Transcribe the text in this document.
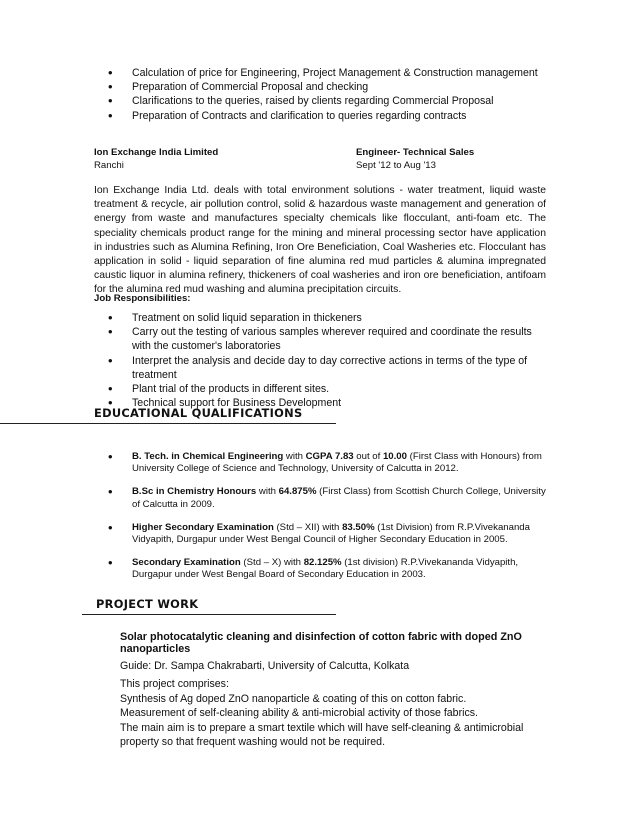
• Calculation of price for Engineering, Project Management & Construction management
• Preparation of Commercial Proposal and checking
• Clarifications to the queries, raised by clients regarding Commercial Proposal
• Preparation of Contracts and clarification to queries regarding contracts
Ion Exchange India Limited
Ranchi
Engineer- Technical Sales
Sept '12 to Aug '13
Ion Exchange India Ltd. deals with total environment solutions - water treatment, liquid waste treatment & recycle, air pollution control, solid & hazardous waste management and generation of energy from waste and manufactures specialty chemicals like flocculant, anti-foam etc. The speciality chemicals product range for the mining and mineral processing sector have application in industries such as Alumina Refining, Iron Ore Beneficiation, Coal Washeries etc. Flocculant has application in solid - liquid separation of fine alumina red mud particles & alumina impregnated caustic liquor in alumina refinery, thickeners of coal washeries and iron ore beneficiation, antifoam for the alumina red mud washing and alumina precipitation circuits.
Job Responsibilities:
• Treatment on solid liquid separation in thickeners
• Carry out the testing of various samples wherever required and coordinate the results with the customer's laboratories
• Interpret the analysis and decide day to day corrective actions in terms of the type of treatment
• Plant trial of the products in different sites.
• Technical support for Business Development
EDUCATIONAL QUALIFICATIONS
• B. Tech. in Chemical Engineering with CGPA 7.83 out of 10.00 (First Class with Honours) from University College of Science and Technology, University of Calcutta in 2012.
• B.Sc in Chemistry Honours with 64.875% (First Class) from Scottish Church College, University of Calcutta in 2009.
• Higher Secondary Examination (Std – XII) with 83.50% (1st Division) from R.P.Vivekananda Vidyapith, Durgapur under West Bengal Council of Higher Secondary Education in 2005.
• Secondary Examination (Std – X) with 82.125% (1st division) R.P.Vivekananda Vidyapith, Durgapur under West Bengal Board of Secondary Education in 2003.
PROJECT WORK
Solar photocatalytic cleaning and disinfection of cotton fabric with doped ZnO nanoparticles
Guide: Dr. Sampa Chakrabarti, University of Calcutta, Kolkata
This project comprises:
Synthesis of Ag doped ZnO nanoparticle & coating of this on cotton fabric.
Measurement of self-cleaning ability & anti-microbial activity of those fabrics.
The main aim is to prepare a smart textile which will have self-cleaning & antimicrobial property so that frequent washing would not be required.
